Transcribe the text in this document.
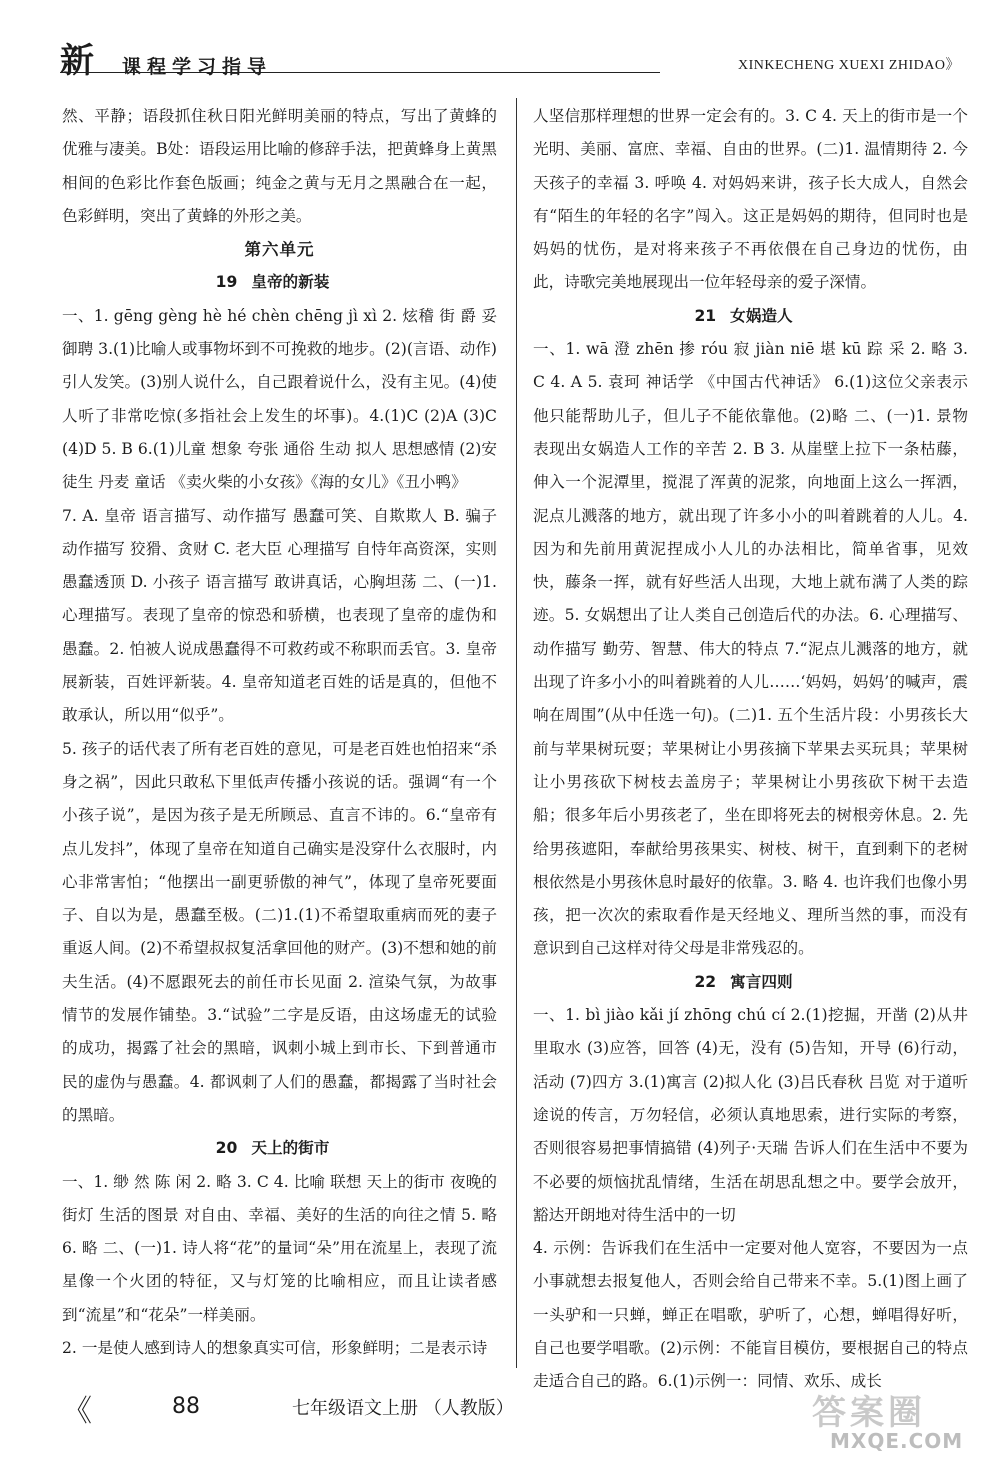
新 课程学习指导	XINKECHENG XUEXI ZHIDAO》

然、平静；语段抓住秋日阳光鲜明美丽的特点，写出了黄蜂的优雅与凄美。B处：语段运用比喻的修辞手法，把黄蜂身上黄黑相间的色彩比作套色版画；纯金之黄与无月之黑融合在一起，色彩鲜明，突出了黄蜂的外形之美。

第六单元

19 皇帝的新装

一、1. gēng gèng hè hé chèn chēng jì xì 2. 炫稽 街 爵 妥 御聘 3.(1)比喻人或事物坏到不可挽救的地步。(2)(言语、动作)引人发笑。(3)别人说什么，自己跟着说什么，没有主见。(4)使人听了非常吃惊(多指社会上发生的坏事)。4.(1)C (2)A (3)C (4)D 5. B 6.(1)儿童 想象 夸张 通俗 生动 拟人 思想感情 (2)安徒生 丹麦 童话 《卖火柴的小女孩》《海的女儿》《丑小鸭》

7. A. 皇帝 语言描写、动作描写 愚蠢可笑、自欺欺人 B. 骗子 动作描写 狡猾、贪财 C. 老大臣 心理描写 自恃年高资深，实则愚蠢透顶 D. 小孩子 语言描写 敢讲真话，心胸坦荡 二、(一)1. 心理描写。表现了皇帝的惊恐和骄横，也表现了皇帝的虚伪和愚蠢。2. 怕被人说成愚蠢得不可救药或不称职而丢官。3. 皇帝展新装，百姓评新装。4. 皇帝知道老百姓的话是真的，但他不敢承认，所以用“似乎”。

5. 孩子的话代表了所有老百姓的意见，可是老百姓也怕招来“杀身之祸”，因此只敢私下里低声传播小孩说的话。强调“有一个小孩子说”，是因为孩子是无所顾忌、直言不讳的。6.“皇帝有点儿发抖”，体现了皇帝在知道自己确实是没穿什么衣服时，内心非常害怕；“他摆出一副更骄傲的神气”，体现了皇帝死要面子、自以为是，愚蠢至极。(二)1.(1)不希望取重病而死的妻子重返人间。(2)不希望叔叔复活拿回他的财产。(3)不想和她的前夫生活。(4)不愿跟死去的前任市长见面 2. 渲染气氛，为故事情节的发展作铺垫。3.“试验”二字是反语，由这场虚无的试验的成功，揭露了社会的黑暗，讽刺小城上到市长、下到普通市民的虚伪与愚蠢。4. 都讽刺了人们的愚蠢，都揭露了当时社会的黑暗。

20 天上的街市

一、1. 缈 然 陈 闲 2. 略 3. C 4. 比喻 联想 天上的街市 夜晚的街灯 生活的图景 对自由、幸福、美好的生活的向往之情 5. 略 6. 略 二、(一)1. 诗人将“花”的量词“朵”用在流星上，表现了流星像一个火团的特征，又与灯笼的比喻相应，而且让读者感到“流星”和“花朵”一样美丽。

2. 一是使人感到诗人的想象真实可信，形象鲜明；二是表示诗

人坚信那样理想的世界一定会有的。3. C 4. 天上的街市是一个光明、美丽、富庶、幸福、自由的世界。(二)1. 温情期待 2. 今天孩子的幸福 3. 呼唤 4. 对妈妈来讲，孩子长大成人，自然会有“陌生的年轻的名字”闯入。这正是妈妈的期待，但同时也是妈妈的忧伤，是对将来孩子不再依偎在自己身边的忧伤，由此，诗歌完美地展现出一位年轻母亲的爱子深情。

21 女娲造人

一、1. wā 澄 zhēn 掺 róu 寂 jiàn niē 堪 kū 踪 采 2. 略 3. C 4. A 5. 袁珂 神话学 《中国古代神话》 6.(1)这位父亲表示他只能帮助儿子，但儿子不能依靠他。(2)略 二、(一)1. 景物 表现出女娲造人工作的辛苦 2. B 3. 从崖壁上拉下一条枯藤，伸入一个泥潭里，搅混了浑黄的泥浆，向地面上这么一挥洒，泥点儿溅落的地方，就出现了许多小小的叫着跳着的人儿。4. 因为和先前用黄泥捏成小人儿的办法相比，简单省事，见效快，藤条一挥，就有好些活人出现，大地上就布满了人类的踪迹。5. 女娲想出了让人类自己创造后代的办法。6. 心理描写、动作描写 勤劳、智慧、伟大的特点 7.“泥点儿溅落的地方，就出现了许多小小的叫着跳着的人儿……‘妈妈，妈妈’的喊声，震响在周围”(从中任选一句)。(二)1. 五个生活片段：小男孩长大前与苹果树玩耍；苹果树让小男孩摘下苹果去买玩具；苹果树让小男孩砍下树枝去盖房子；苹果树让小男孩砍下树干去造船；很多年后小男孩老了，坐在即将死去的树根旁休息。2. 先给男孩遮阳，奉献给男孩果实、树枝、树干，直到剩下的老树根依然是小男孩休息时最好的依靠。3. 略 4. 也许我们也像小男孩，把一次次的索取看作是天经地义、理所当然的事，而没有意识到自己这样对待父母是非常残忍的。

22 寓言四则

一、1. bì jiào kǎi jí zhōng chú cí 2.(1)挖掘，开凿 (2)从井里取水 (3)应答，回答 (4)无，没有 (5)告知，开导 (6)行动，活动 (7)四方 3.(1)寓言 (2)拟人化 (3)吕氏春秋 吕览 对于道听途说的传言，万勿轻信，必须认真地思索，进行实际的考察，否则很容易把事情搞错 (4)列子·天瑞 告诉人们在生活中不要为不必要的烦恼扰乱情绪，生活在胡思乱想之中。要学会放开，豁达开朗地对待生活中的一切

4. 示例：告诉我们在生活中一定要对他人宽容，不要因为一点小事就想去报复他人，否则会给自己带来不幸。5.(1)图上画了一头驴和一只蝉，蝉正在唱歌，驴听了，心想，蝉唱得好听，自己也要学唱歌。(2)示例：不能盲目模仿，要根据自己的特点走适合自己的路。6.(1)示例一：同情、欢乐、成长

《	88	七年级语文上册 （人教版）	答案圈
MXQE.COM
